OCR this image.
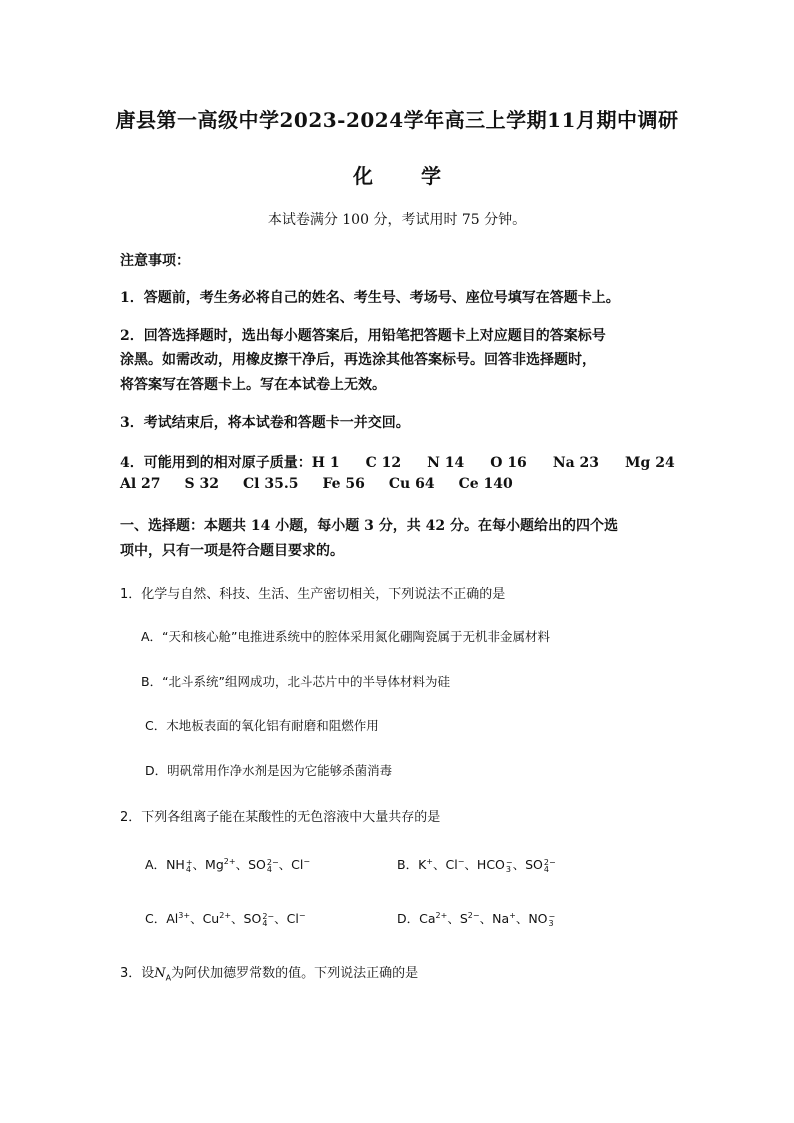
唐县第一高级中学2023-2024学年高三上学期11月期中调研
化 学
本试卷满分 100 分，考试用时 75 分钟。
注意事项：
1．答题前，考生务必将自己的姓名、考生号、考场号、座位号填写在答题卡上。
2．回答选择题时，选出每小题答案后，用铅笔把答题卡上对应题目的答案标号
涂黑。如需改动，用橡皮擦干净后，再选涂其他答案标号。回答非选择题时，
将答案写在答题卡上。写在本试卷上无效。
3．考试结束后，将本试卷和答题卡一并交回。
4．可能用到的相对原子质量：H 1 C 12 N 14 O 16 Na 23 Mg 24
Al 27 S 32 Cl 35.5 Fe 56 Cu 64 Ce 140
一、选择题：本题共 14 小题，每小题 3 分，共 42 分。在每小题给出的四个选
项中，只有一项是符合题目要求的。
1．化学与自然、科技、生活、生产密切相关，下列说法不正确的是
A．“天和核心舱”电推进系统中的腔体采用氮化硼陶瓷属于无机非金属材料
B．“北斗系统”组网成功，北斗芯片中的半导体材料为硅
C．木地板表面的氧化铝有耐磨和阻燃作用
D．明矾常用作净水剂是因为它能够杀菌消毒
2．下列各组离子能在某酸性的无色溶液中大量共存的是
A．NH +
4 、$Mg^{2+}$、SO 2−
4 、Cl−	B．K+、Cl−、HCO −
3 、SO 2−
4
C．$Al^{3+}$、$Cu^{2+}$、SO 2−
4 、Cl−	D．$Ca^{2+}$、$S^{2-}$、Na+、NO −
3
3．设$N_A$为阿伏加德罗常数的值。下列说法正确的是
